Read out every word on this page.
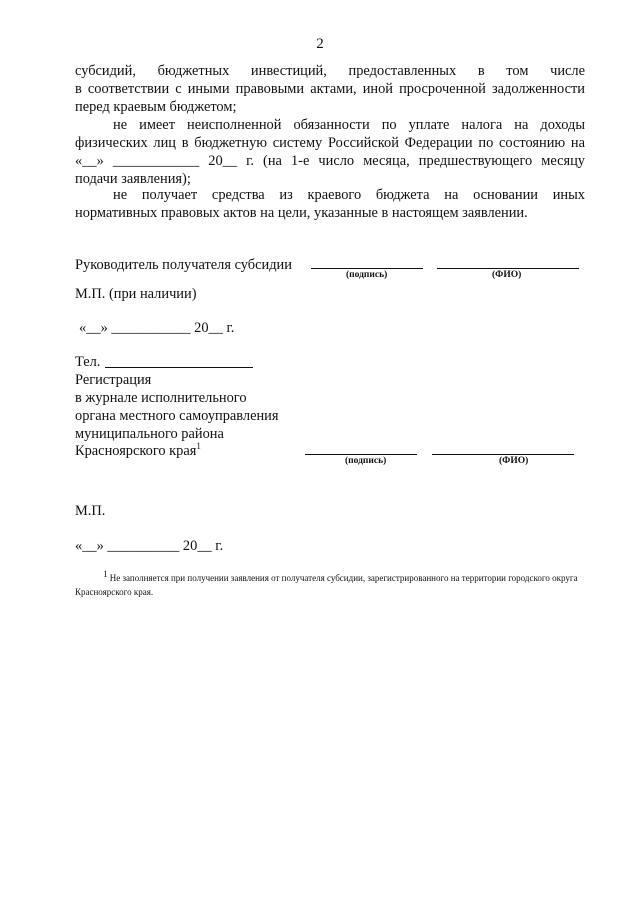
2
субсидий, бюджетных инвестиций, предоставленных в том числе
в соответствии с иными правовыми актами, иной просроченной задолженности
перед краевым бюджетом;
не имеет неисполненной обязанности по уплате налога на доходы
физических лиц в бюджетную систему Российской Федерации по состоянию на
«__» ____________ 20__ г. (на 1-е число месяца, предшествующего месяцу
подачи заявления);
не получает средства из краевого бюджета на основании иных
нормативных правовых актов на цели, указанные в настоящем заявлении.
Руководитель получателя субсидии
(подпись)	(ФИО)
М.П. (при наличии)
«__» ___________ 20__ г.
Тел.
Регистрация
в журнале исполнительного
органа местного самоуправления
муниципального района
Красноярского края$^1$
(подпись)	(ФИО)
М.П.
«__» __________ 20__ г.
$^1$ Не заполняется при получении заявления от получателя субсидии, зарегистрированного на территории городского округа Красноярского края.
